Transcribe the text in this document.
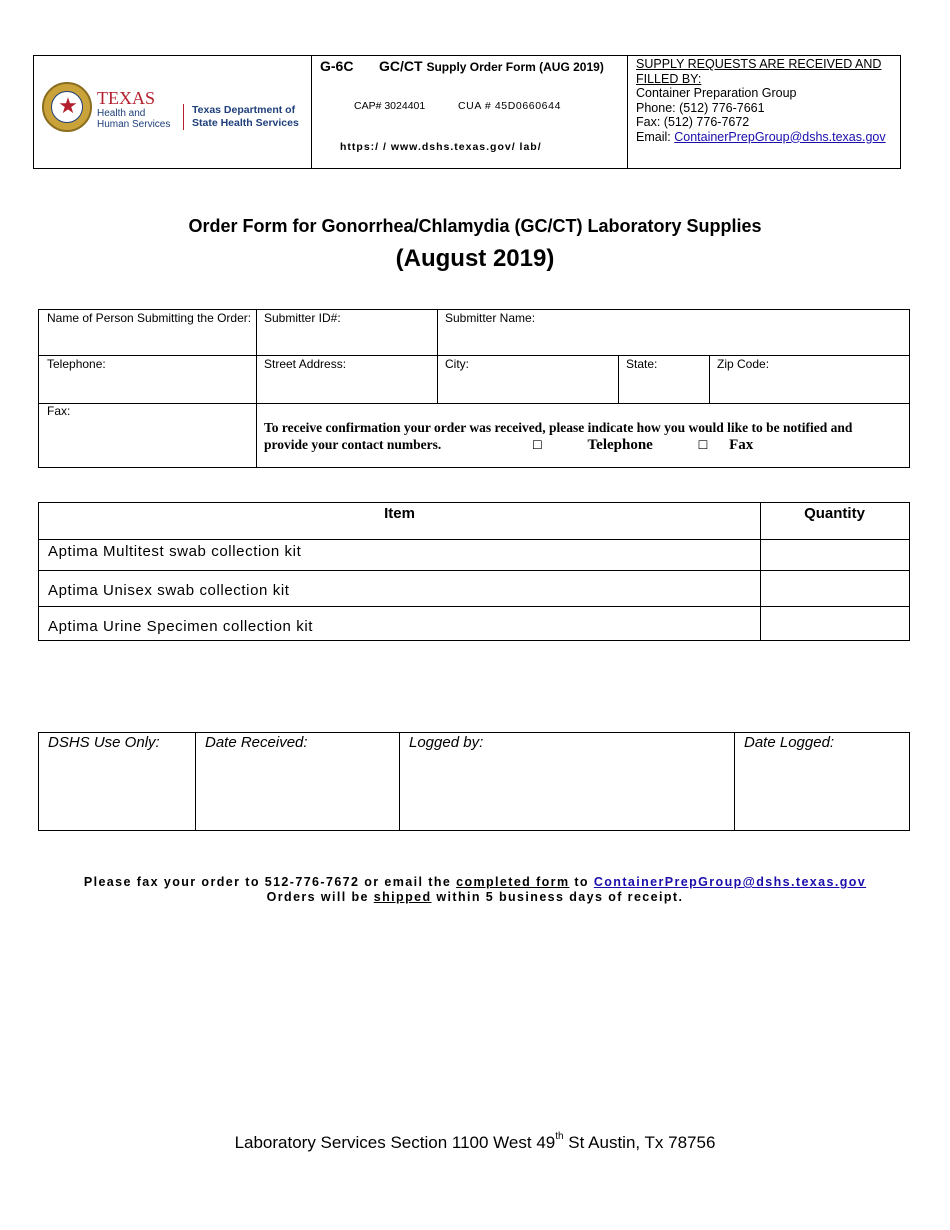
★	TEXAS
Health and Human Services
Texas Department of State Health Services
G-6C GC/CT Supply Order Form (AUG 2019)
CAP# 3024401	CUA # 45D0660644
https:/ / www.dshs.texas.gov/ lab/
SUPPLY REQUESTS ARE RECEIVED AND
FILLED BY:
Container Preparation Group
Phone: (512) 776-7661
Fax: (512) 776-7672
Email: ContainerPrepGroup@dshs.texas.gov
Order Form for Gonorrhea/Chlamydia (GC/CT) Laboratory Supplies
(August 2019)
Name of Person Submitting the Order: Submitter ID#:	Submitter Name:
Telephone:	Street Address:	City:	State:	Zip Code:
Fax:
To receive confirmation your order was received, please indicate how you would like to be notified and
provide your contact numbers.	☐	Telephone	☐ Fax
Item	Quantity
Aptima Multitest swab collection kit
Aptima Unisex swab collection kit
Aptima Urine Specimen collection kit
DSHS Use Only:	Date Received:	Logged by:	Date Logged:
Please fax your order to 512-776-7672 or email the completed form to ContainerPrepGroup@dshs.texas.gov
Orders will be shipped within 5 business days of receipt.
Laboratory Services Section 1100 West 49th St Austin, Tx 78756
